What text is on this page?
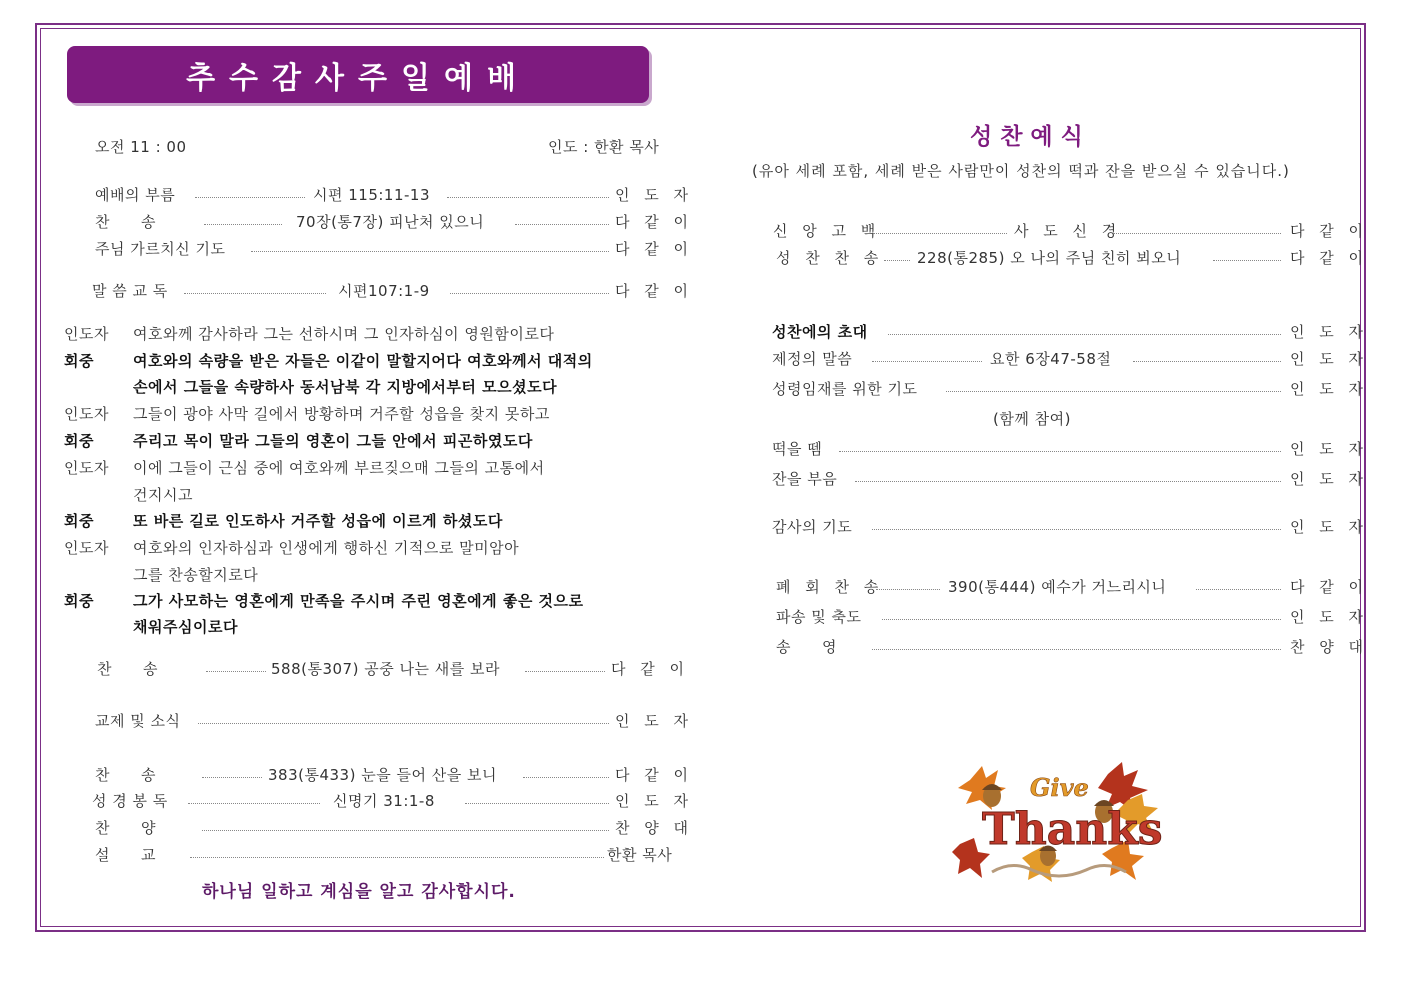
추수감사주일예배
오전 11 : 00	인도 : 한환 목사
예배의 부름	시편 115:11-13	인 도 자
찬　　송	70장(통7장) 피난처 있으니	다 같 이
주님 가르치신 기도	다 같 이
말 씀 교 독	시편107:1-9	다 같 이
인도자 여호와께 감사하라 그는 선하시며 그 인자하심이 영원함이로다
회중	여호와의 속량을 받은 자들은 이같이 말할지어다 여호와께서 대적의
손에서 그들을 속량하사 동서남북 각 지방에서부터 모으셨도다
인도자 그들이 광야 사막 길에서 방황하며 거주할 성읍을 찾지 못하고
회중	주리고 목이 말라 그들의 영혼이 그들 안에서 피곤하였도다
인도자 이에 그들이 근심 중에 여호와께 부르짖으매 그들의 고통에서
건지시고
회중	또 바른 길로 인도하사 거주할 성읍에 이르게 하셨도다
인도자 여호와의 인자하심과 인생에게 행하신 기적으로 말미암아
그를 찬송할지로다
회중	그가 사모하는 영혼에게 만족을 주시며 주린 영혼에게 좋은 것으로
채워주심이로다
찬　　송	588(통307) 공중 나는 새를 보라	다 같 이
교제 및 소식	인 도 자
찬　　송	383(통433) 눈을 들어 산을 보니	다 같 이
성 경 봉 독	신명기 31:1-8	인 도 자
찬　　양	찬 양 대
설　　교	한환 목사
하나님 일하고 계심을 알고 감사합시다.
성찬예식
(유아 세례 포함, 세례 받은 사람만이 성찬의 떡과 잔을 받으실 수 있습니다.)
신 앙 고 백	사 도 신 경	다 같 이
성 찬 찬 송 228(통285) 오 나의 주님 친히 뵈오니	다 같 이
성찬에의 초대	인 도 자
제정의 말씀	요한 6장47-58절	인 도 자
성령임재를 위한 기도	인 도 자
(함께 참여)
떡을 뗌	인 도 자
잔을 부음	인 도 자
감사의 기도	인 도 자
폐 회 찬 송	390(통444) 예수가 거느리시니	다 같 이
파송 및 축도	인 도 자
송　　영	찬 양 대
Give
Thanks
